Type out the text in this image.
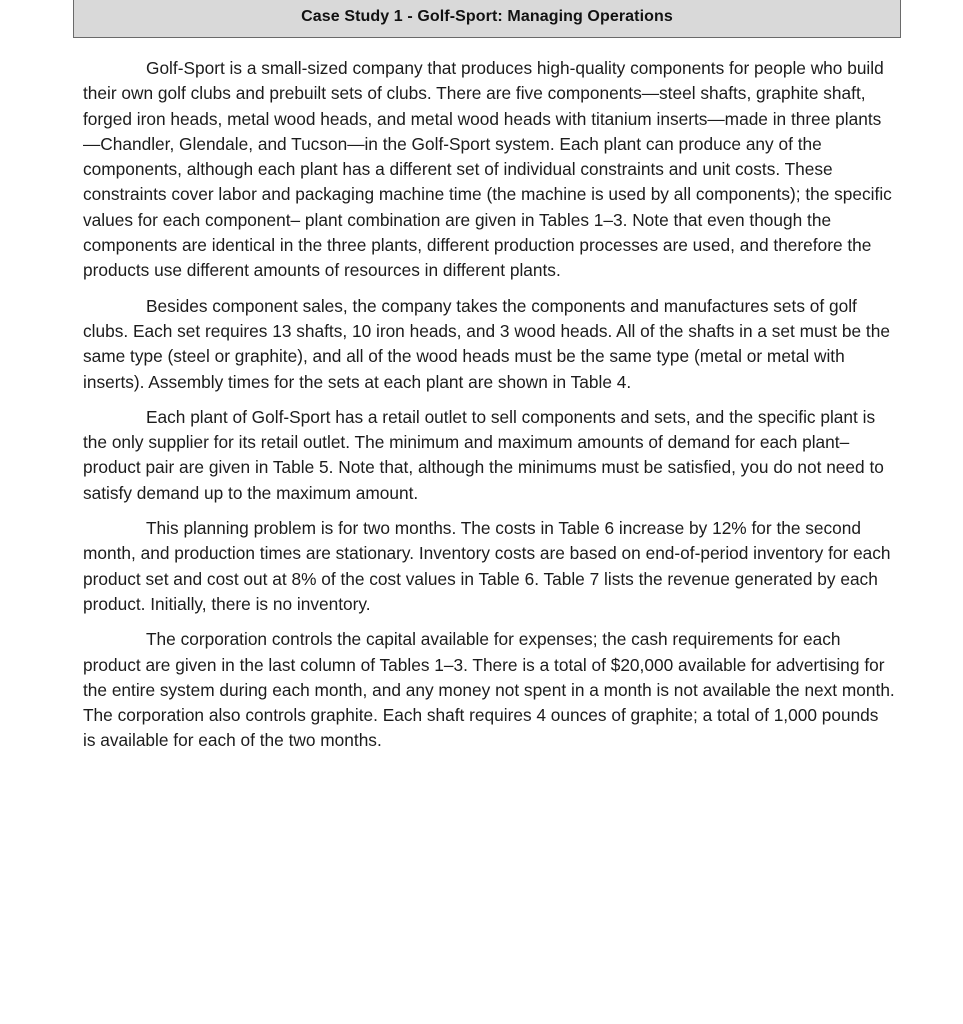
Case Study 1 - Golf-Sport: Managing Operations

Golf-Sport is a small-sized company that produces high-quality components for people who build their own golf clubs and prebuilt sets of clubs. There are five components—steel shafts, graphite shaft, forged iron heads, metal wood heads, and metal wood heads with titanium inserts—made in three plants—Chandler, Glendale, and Tucson—in the Golf-Sport system. Each plant can produce any of the components, although each plant has a different set of individual constraints and unit costs. These constraints cover labor and packaging machine time (the machine is used by all components); the specific values for each component– plant combination are given in Tables 1–3. Note that even though the components are identical in the three plants, different production processes are used, and therefore the products use different amounts of resources in different plants.

Besides component sales, the company takes the components and manufactures sets of golf clubs. Each set requires 13 shafts, 10 iron heads, and 3 wood heads. All of the shafts in a set must be the same type (steel or graphite), and all of the wood heads must be the same type (metal or metal with inserts). Assembly times for the sets at each plant are shown in Table 4.

Each plant of Golf-Sport has a retail outlet to sell components and sets, and the specific plant is the only supplier for its retail outlet. The minimum and maximum amounts of demand for each plant–product pair are given in Table 5. Note that, although the minimums must be satisfied, you do not need to satisfy demand up to the maximum amount.

This planning problem is for two months. The costs in Table 6 increase by 12% for the second month, and production times are stationary. Inventory costs are based on end-of-period inventory for each product set and cost out at 8% of the cost values in Table 6. Table 7 lists the revenue generated by each product. Initially, there is no inventory.

The corporation controls the capital available for expenses; the cash requirements for each product are given in the last column of Tables 1–3. There is a total of $20,000 available for advertising for the entire system during each month, and any money not spent in a month is not available the next month. The corporation also controls graphite. Each shaft requires 4 ounces of graphite; a total of 1,000 pounds is available for each of the two months.
